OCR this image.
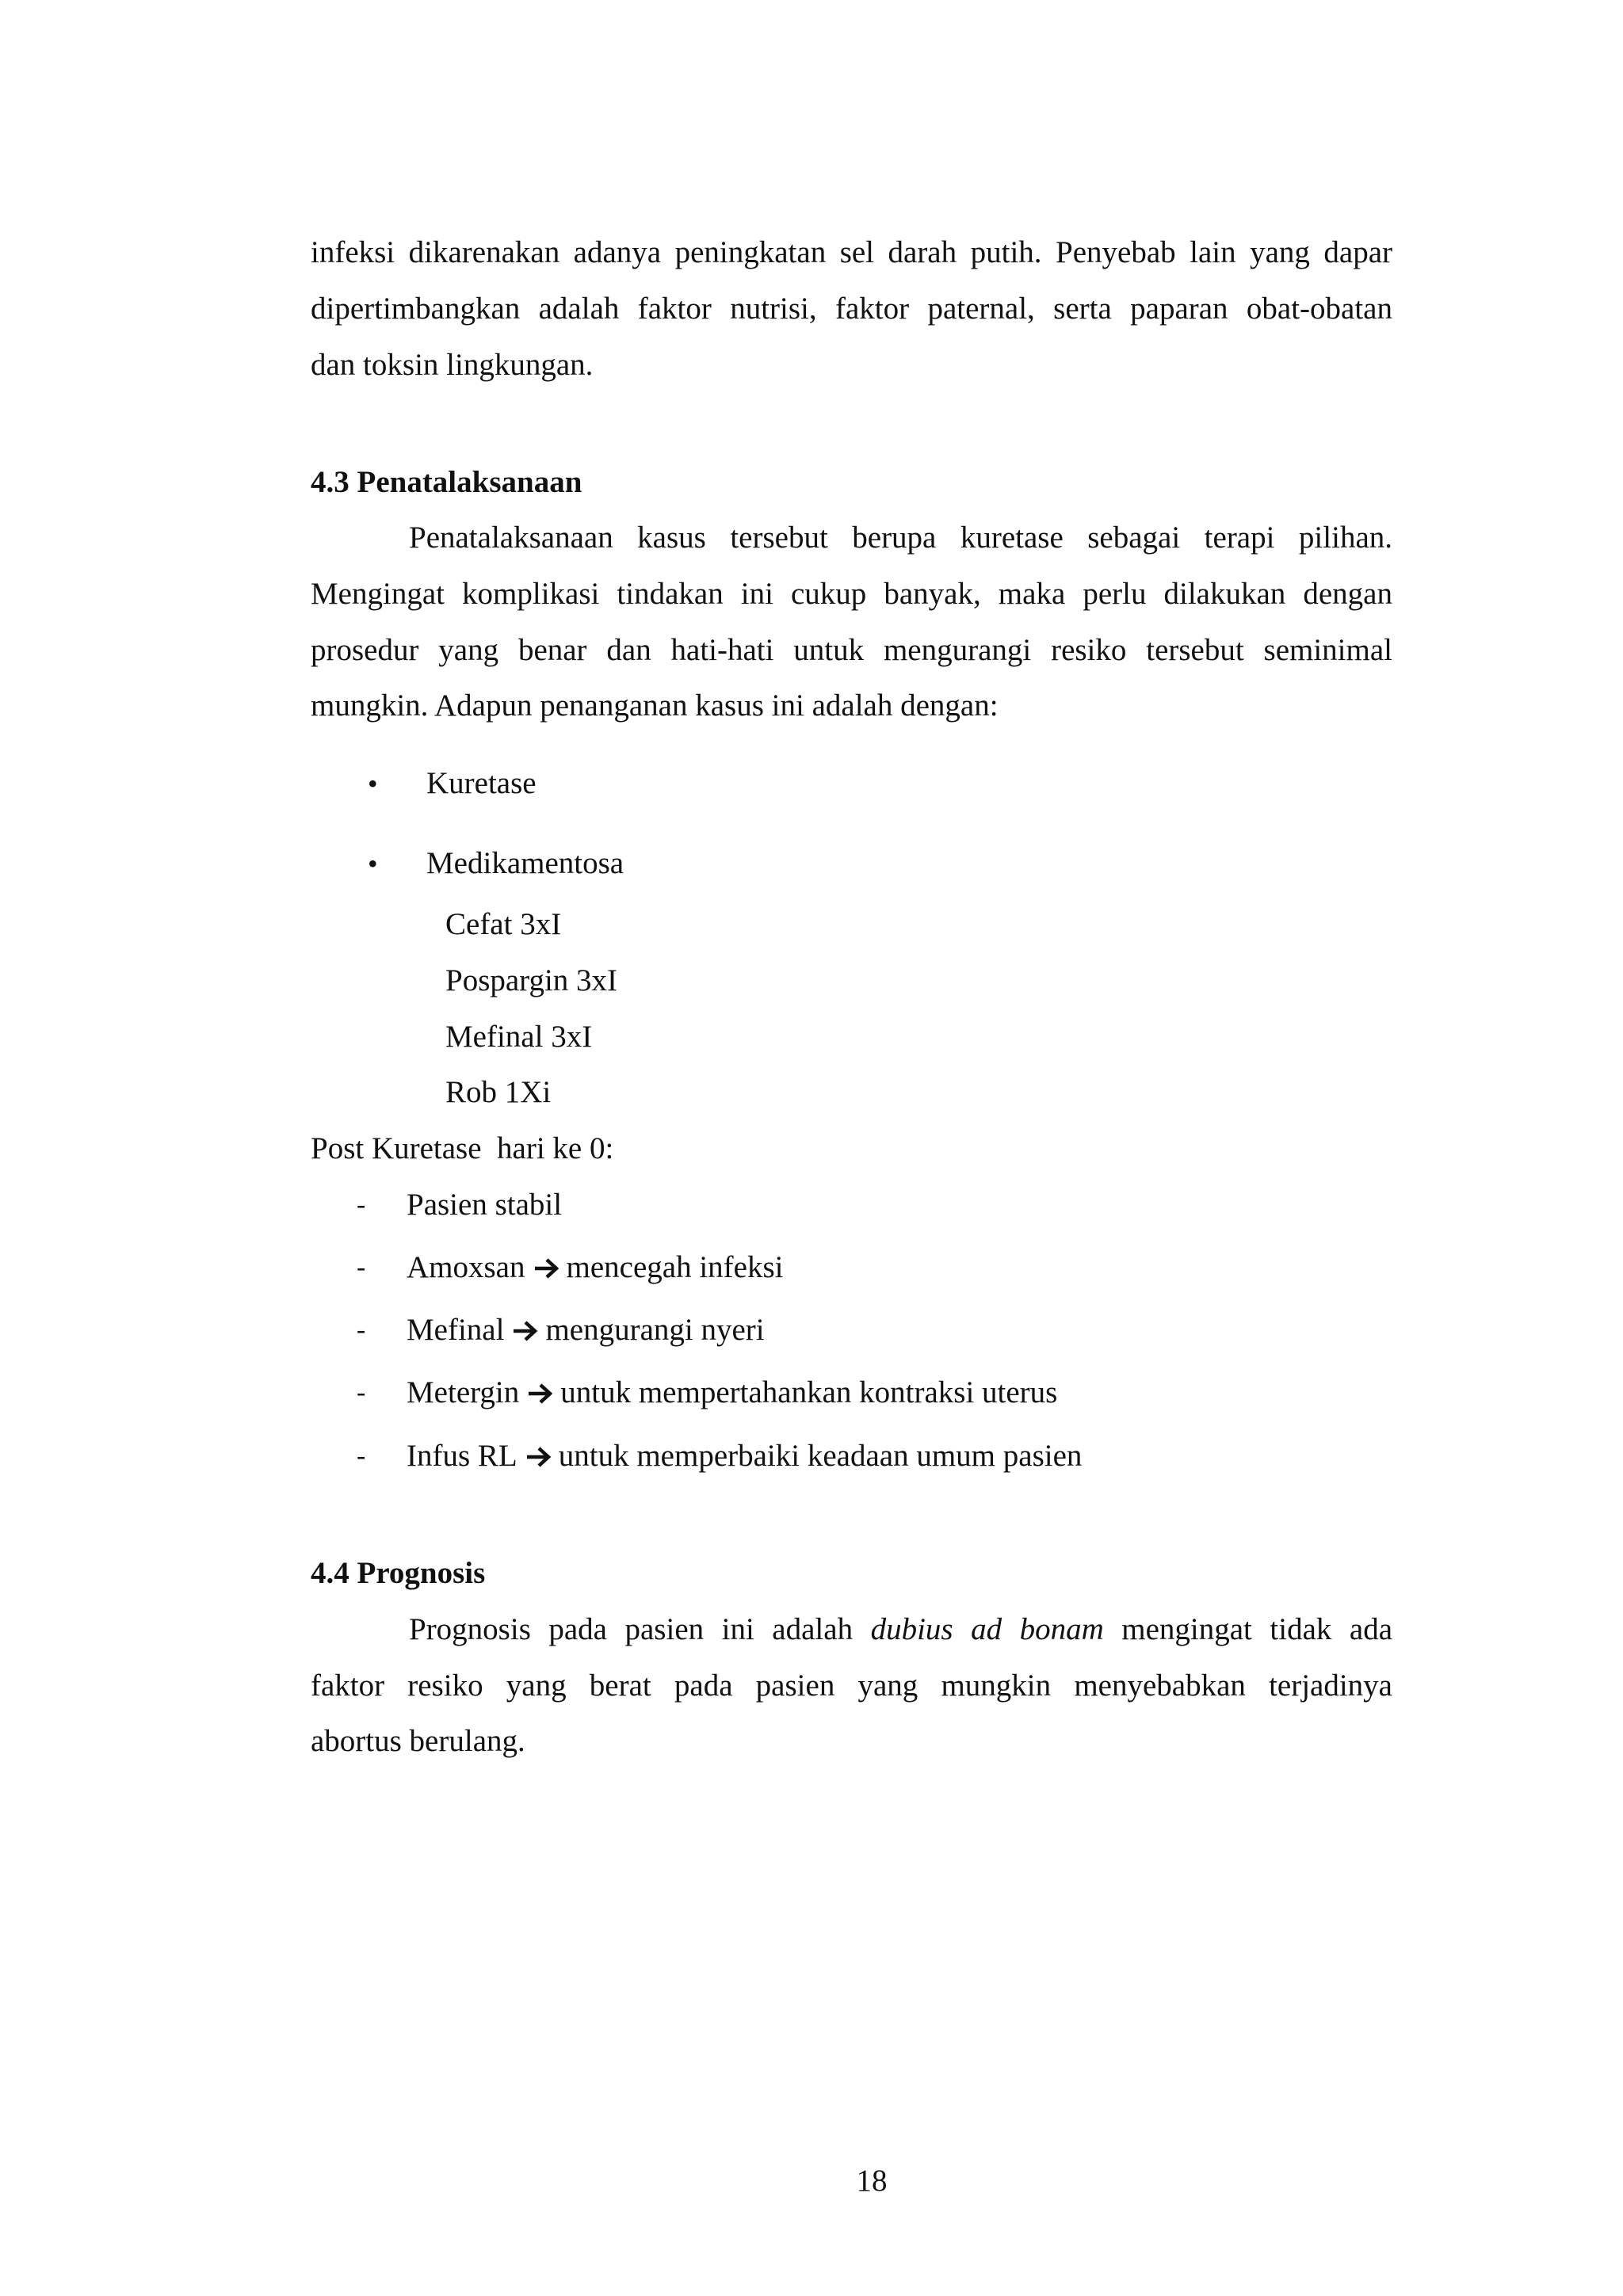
infeksi dikarenakan adanya peningkatan sel darah putih. Penyebab lain yang dapar
dipertimbangkan adalah faktor nutrisi, faktor paternal, serta paparan obat-obatan
dan toksin lingkungan.
4.3 Penatalaksanaan
Penatalaksanaan kasus tersebut berupa kuretase sebagai terapi pilihan.
Mengingat komplikasi tindakan ini cukup banyak, maka perlu dilakukan dengan
prosedur yang benar dan hati-hati untuk mengurangi resiko tersebut seminimal
mungkin. Adapun penanganan kasus ini adalah dengan:
• Kuretase
• Medikamentosa
Cefat 3xI
Pospargin 3xI
Mefinal 3xI
Rob 1Xi
Post Kuretase  hari ke 0:
- Pasien stabil
- Amoxsan mencegah infeksi
- Mefinal mengurangi nyeri
- Metergin untuk mempertahankan kontraksi uterus
- Infus RL untuk memperbaiki keadaan umum pasien
4.4 Prognosis
Prognosis pada pasien ini adalah dubius ad bonam mengingat tidak ada
faktor resiko yang berat pada pasien yang mungkin menyebabkan terjadinya
abortus berulang.
18
